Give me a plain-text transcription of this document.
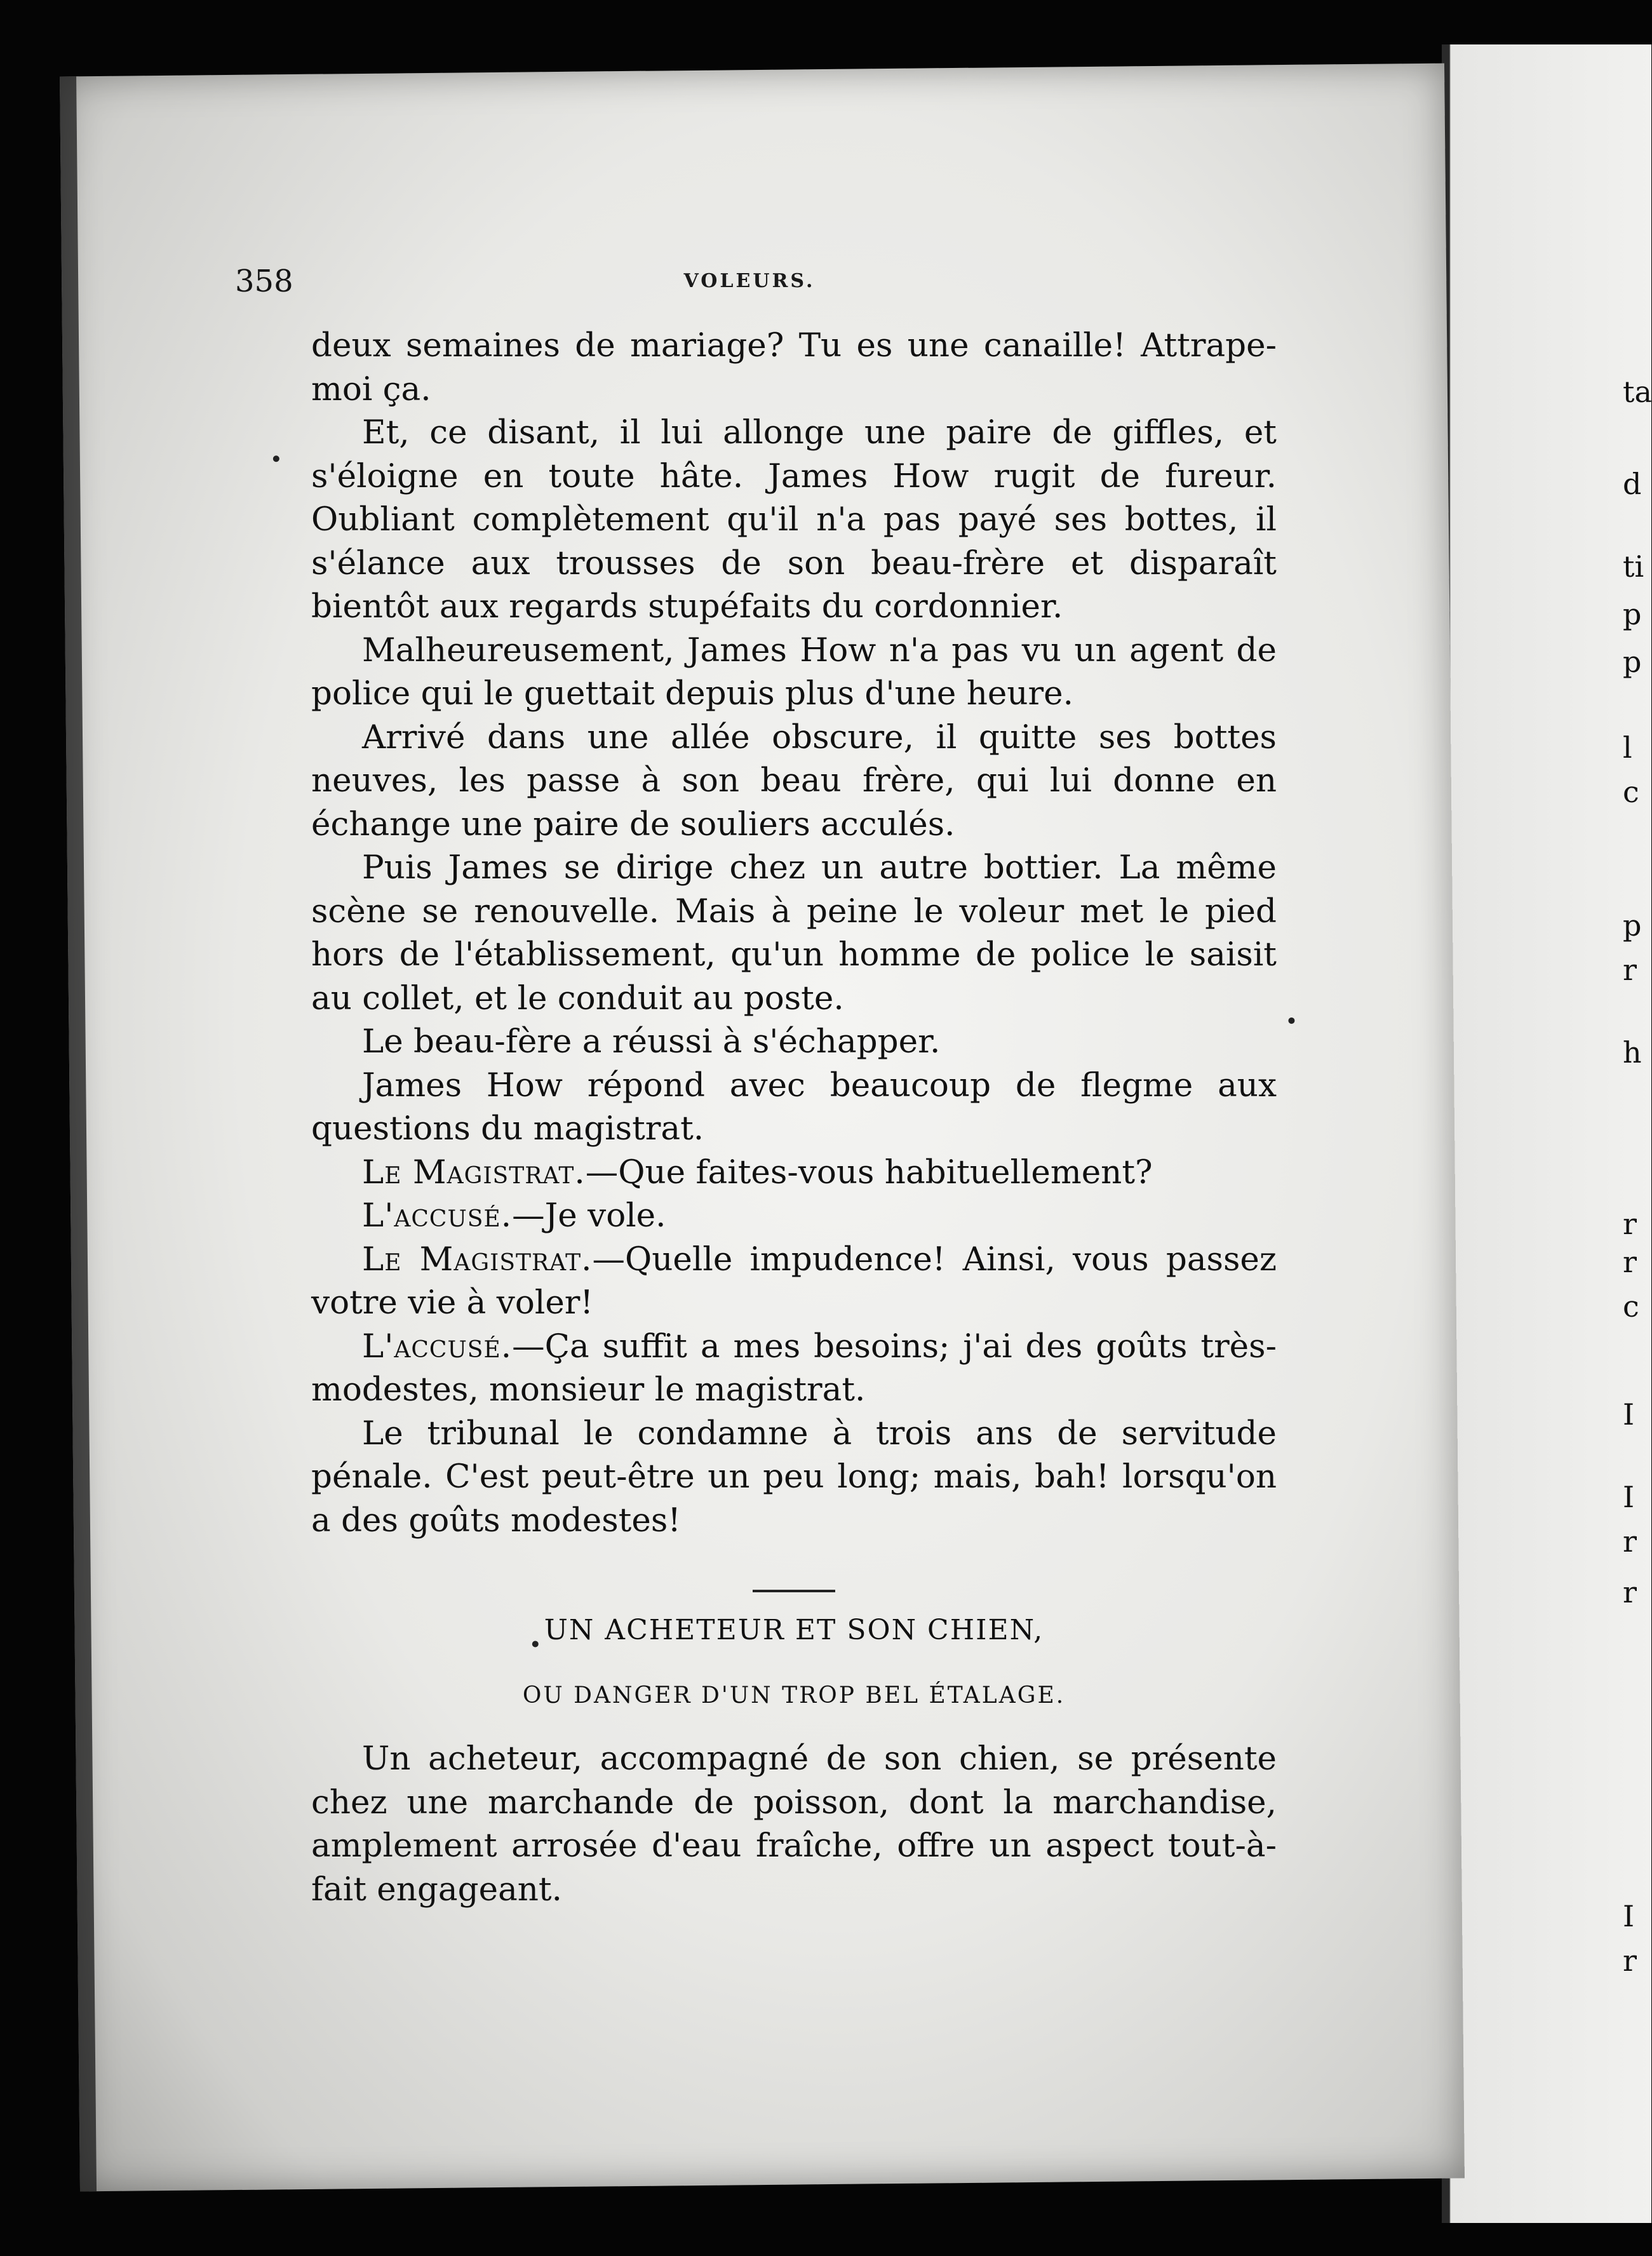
ta
d
ti
p
p
l
c
p
r
h
r
r
c
I
I
r
r
I
r
358	VOLEURS.

deux semaines de mariage? Tu es une canaille! Attrape-moi ça.

Et, ce disant, il lui allonge une paire de giffles, et s'éloigne en toute hâte. James How rugit de fureur. Oubliant complètement qu'il n'a pas payé ses bottes, il s'élance aux trousses de son beau-frère et disparaît bientôt aux regards stupéfaits du cordonnier.

Malheureusement, James How n'a pas vu un agent de police qui le guettait depuis plus d'une heure.

Arrivé dans une allée obscure, il quitte ses bottes neuves, les passe à son beau frère, qui lui donne en échange une paire de souliers acculés.

Puis James se dirige chez un autre bottier. La même scène se renouvelle. Mais à peine le voleur met le pied hors de l'établissement, qu'un homme de police le saisit au collet, et le conduit au poste.

Le beau-fère a réussi à s'échapper.

James How répond avec beaucoup de flegme aux questions du magistrat.

Le Magistrat.—Que faites-vous habituellement?

L'accusé.—Je vole.

Le Magistrat.—Quelle impudence! Ainsi, vous passez votre vie à voler!

L'accusé.—Ça suffit a mes besoins; j'ai des goûts très-modestes, monsieur le magistrat.

Le tribunal le condamne à trois ans de servitude pénale. C'est peut-être un peu long; mais, bah! lorsqu'on a des goûts modestes!

UN ACHETEUR ET SON CHIEN,
OU DANGER D'UN TROP BEL ÉTALAGE.

Un acheteur, accompagné de son chien, se présente chez une marchande de poisson, dont la marchandise, amplement arrosée d'eau fraîche, offre un aspect tout-à-fait engageant.
